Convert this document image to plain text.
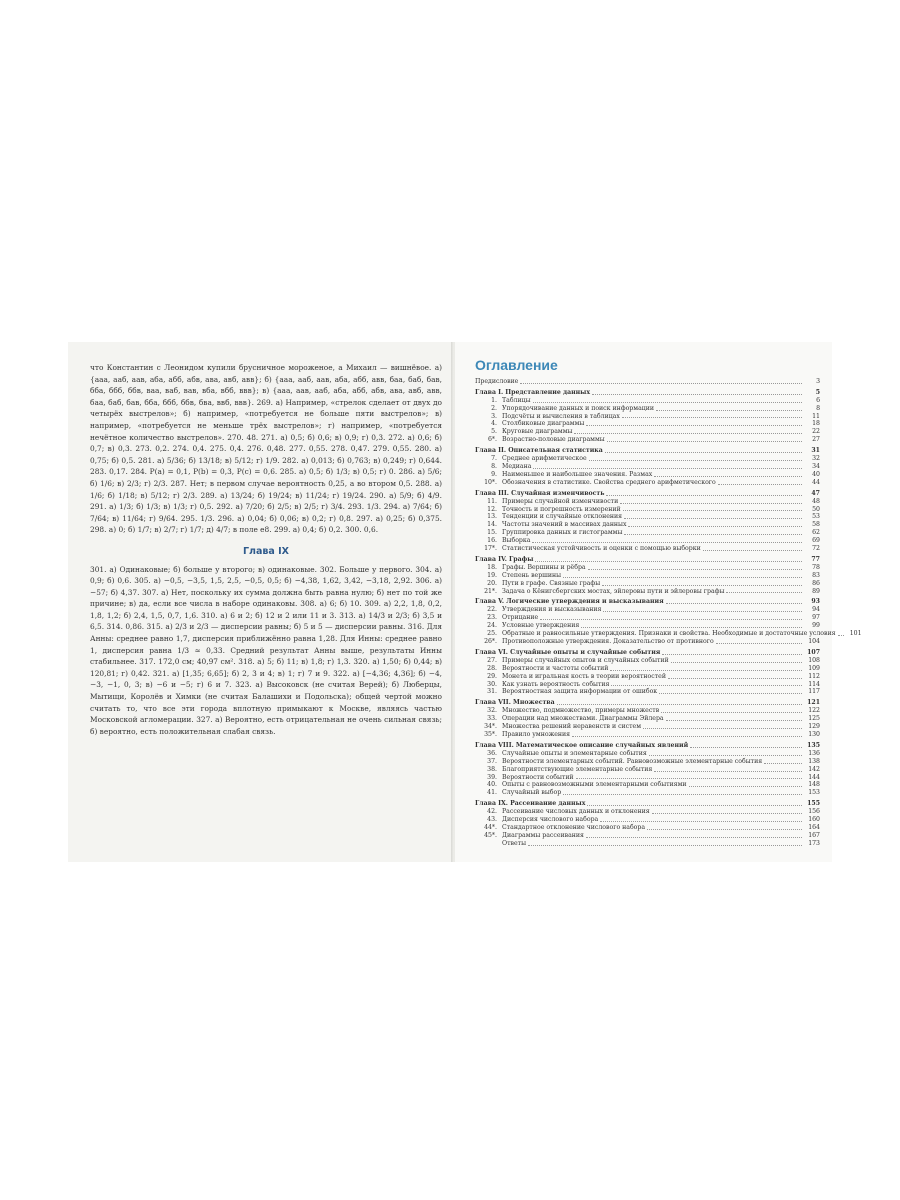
что Константин с Леонидом купили брусничное мороженое, а Михаил — вишнёвое. а) {ааа, ааб, аав, аба, абб, абв, ава, авб, авв}; б) {ааа, ааб, аав, аба, абб, авв, баа, баб, бав, бба, ббб, ббв, ваа, ваб, вав, вба, вбб, ввв}; в) {ааа, аав, ааб, аба, абб, абв, ава, авб, авв, баа, баб, бав, бба, ббб, ббв, бва, ввб, ввв}. 269. а) Например, «стрелок сделает от двух до четырёх выстрелов»; б) например, «потребуется не больше пяти выстрелов»; в) например, «потребуется не меньше трёх выстрелов»; г) например, «потребуется нечётное количество выстрелов». 270. 48. 271. а) 0,5; б) 0,6; в) 0,9; г) 0,3. 272. а) 0,6; б) 0,7; в) 0,3. 273. 0,2. 274. 0,4. 275. 0,4. 276. 0,48. 277. 0,55. 278. 0,47. 279. 0,55. 280. а) 0,75; б) 0,5. 281. а) 5/36; б) 13/18; в) 5/12; г) 1/9. 282. а) 0,013; б) 0,763; в) 0,249; г) 0,644. 283. 0,17. 284. P(a) = 0,1, P(b) = 0,3, P(c) = 0,6. 285. а) 0,5; б) 1/3; в) 0,5; г) 0. 286. а) 5/6; б) 1/6; в) 2/3; г) 2/3. 287. Нет; в первом случае вероятность 0,25, а во втором 0,5. 288. а) 1/6; б) 1/18; в) 5/12; г) 2/3. 289. а) 13/24; б) 19/24; в) 11/24; г) 19/24. 290. а) 5/9; б) 4/9. 291. а) 1/3; б) 1/3; в) 1/3; г) 0,5. 292. а) 7/20; б) 2/5; в) 2/5; г) 3/4. 293. 1/3. 294. а) 7/64; б) 7/64; в) 11/64; г) 9/64. 295. 1/3. 296. а) 0,04; б) 0,06; в) 0,2; г) 0,8. 297. а) 0,25; б) 0,375. 298. а) 0; б) 1/7; в) 2/7; г) 1/7; д) 4/7; в поле e8. 299. а) 0,4; б) 0,2. 300. 0,6.

Глава IX

301. а) Одинаковые; б) больше у второго; в) одинаковые. 302. Больше у первого. 304. а) 0,9; б) 0,6. 305. а) −0,5, −3,5, 1,5, 2,5, −0,5, 0,5; б) −4,38, 1,62, 3,42, −3,18, 2,92. 306. а) −57; б) 4,37. 307. а) Нет, поскольку их сумма должна быть равна нулю; б) нет по той же причине; в) да, если все числа в наборе одинаковы. 308. а) 6; б) 10. 309. а) 2,2, 1,8, 0,2, 1,8, 1,2; б) 2,4, 1,5, 0,7, 1,6. 310. а) 6 и 2; б) 12 и 2 или 11 и 3. 313. а) 14/3 и 2/3; б) 3,5 и 6,5. 314. 0,86. 315. а) 2/3 и 2/3 — дисперсии равны; б) 5 и 5 — дисперсии равны. 316. Для Анны: среднее равно 1,7, дисперсия приближённо равна 1,28. Для Инны: среднее равно 1, дисперсия равна 1/3 ≈ 0,33. Средний результат Анны выше, результаты Инны стабильнее. 317. 172,0 см; 40,97 см². 318. а) 5; б) 11; в) 1,8; г) 1,3. 320. а) 1,50; б) 0,44; в) 120,81; г) 0,42. 321. а) [1,35; 6,65]; б) 2, 3 и 4; в) 1; г) 7 и 9. 322. а) [−4,36; 4,36]; б) −4, −3, −1, 0, 3; в) −6 и −5; г) 6 и 7. 323. а) Высоковск (не считая Верей); б) Люберцы, Мытищи, Королёв и Химки (не считая Балашихи и Подольска); общей чертой можно считать то, что все эти города вплотную примыкают к Москве, являясь частью Московской агломерации. 327. а) Вероятно, есть отрицательная не очень сильная связь; б) вероятно, есть положительная слабая связь.

Оглавление
Предисловие	3
Глава I. Представление данных	5
1. Таблицы	6
2. Упорядочивание данных и поиск информации	8
3. Подсчёты и вычисления в таблицах	11
4. Столбиковые диаграммы	18
5. Круговые диаграммы	22
6*. Возрастно-половые диаграммы	27
Глава II. Описательная статистика	31
7. Среднее арифметическое	32
8. Медиана	34
9. Наименьшее и наибольшее значения. Размах	40
10*. Обозначения в статистике. Свойства среднего арифметического	44
Глава III. Случайная изменчивость	47
11. Примеры случайной изменчивости	48
12. Точность и погрешность измерений	50
13. Тенденции и случайные отклонения	53
14. Частоты значений в массивах данных	58
15. Группировка данных и гистограммы	62
16. Выборка	69
17*. Статистическая устойчивость и оценки с помощью выборки	72
Глава IV. Графы	77
18. Графы. Вершины и рёбра	78
19. Степень вершины	83
20. Пути в графе. Связные графы	86
21*. Задача о Кёнигсбергских мостах, эйлеровы пути и эйлеровы графы	89
Глава V. Логические утверждения и высказывания	93
22. Утверждения и высказывания	94
23. Отрицание	97
24. Условные утверждения	99
25. Обратные и равносильные утверждения. Признаки и свойства. Необходимые и достаточные условия	101
26*. Противоположные утверждения. Доказательство от противного	104
Глава VI. Случайные опыты и случайные события	107
27. Примеры случайных опытов и случайных событий	108
28. Вероятности и частоты событий	109
29. Монета и игральная кость в теории вероятностей	112
30. Как узнать вероятность события	114
31. Вероятностная защита информации от ошибок	117
Глава VII. Множества	121
32. Множество, подмножество, примеры множеств	122
33. Операции над множествами. Диаграммы Эйлера	125
34*. Множества решений неравенств и систем	129
35*. Правило умножения	130
Глава VIII. Математическое описание случайных явлений	135
36. Случайные опыты и элементарные события	136
37. Вероятности элементарных событий. Равновозможные элементарные события	138
38. Благоприятствующие элементарные события	142
39. Вероятности событий	144
40. Опыты с равновозможными элементарными событиями	148
41. Случайный выбор	153
Глава IX. Рассеивание данных	155
42. Рассеивание числовых данных и отклонения	156
43. Дисперсия числового набора	160
44*. Стандартное отклонение числового набора	164
45*. Диаграммы рассеивания	167
Ответы	173
